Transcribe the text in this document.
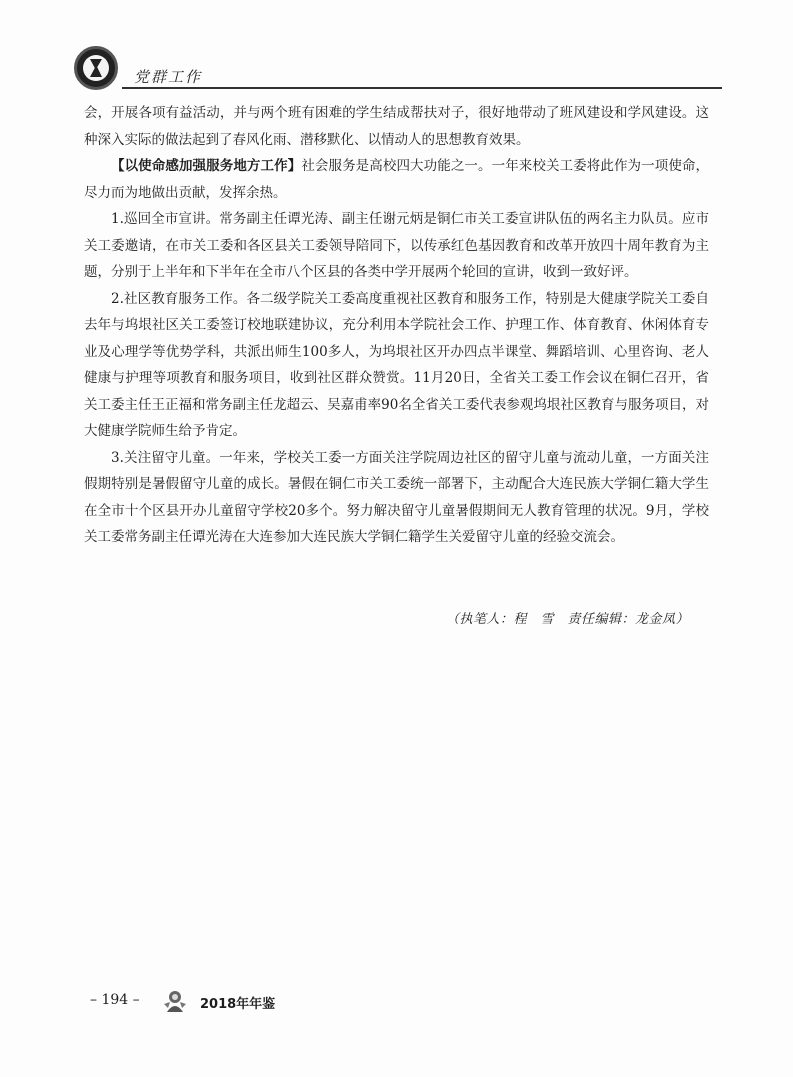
党群工作

会，开展各项有益活动，并与两个班有困难的学生结成帮扶对子，很好地带动了班风建设和学风建设。这种深入实际的做法起到了春风化雨、潜移默化、以情动人的思想教育效果。

【以使命感加强服务地方工作】社会服务是高校四大功能之一。一年来校关工委将此作为一项使命，尽力而为地做出贡献，发挥余热。

1.巡回全市宣讲。常务副主任谭光涛、副主任谢元炳是铜仁市关工委宣讲队伍的两名主力队员。应市关工委邀请，在市关工委和各区县关工委领导陪同下，以传承红色基因教育和改革开放四十周年教育为主题，分别于上半年和下半年在全市八个区县的各类中学开展两个轮回的宣讲，收到一致好评。

2.社区教育服务工作。各二级学院关工委高度重视社区教育和服务工作，特别是大健康学院关工委自去年与坞垠社区关工委签订校地联建协议，充分利用本学院社会工作、护理工作、体育教育、休闲体育专业及心理学等优势学科，共派出师生100多人，为坞垠社区开办四点半课堂、舞蹈培训、心里咨询、老人健康与护理等项教育和服务项目，收到社区群众赞赏。11月20日，全省关工委工作会议在铜仁召开，省关工委主任王正福和常务副主任龙超云、吴嘉甫率90名全省关工委代表参观坞垠社区教育与服务项目，对大健康学院师生给予肯定。

3.关注留守儿童。一年来，学校关工委一方面关注学院周边社区的留守儿童与流动儿童，一方面关注假期特别是暑假留守儿童的成长。暑假在铜仁市关工委统一部署下，主动配合大连民族大学铜仁籍大学生在全市十个区县开办儿童留守学校20多个。努力解决留守儿童暑假期间无人教育管理的状况。9月，学校关工委常务副主任谭光涛在大连参加大连民族大学铜仁籍学生关爱留守儿童的经验交流会。

（执笔人：程　雪　责任编辑：龙金凤）
– 194 –	2018年年鉴
